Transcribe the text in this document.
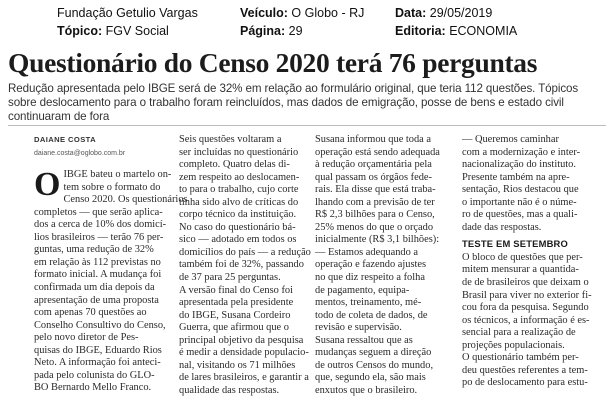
Fundação Getulio Vargas	Veículo: O Globo - RJ Data: 29/05/2019
Tópico: FGV Social	Página: 29	Editoria: ECONOMIA
Questionário do Censo 2020 terá 76 perguntas

Redução apresentada pelo IBGE será de 32% em relação ao formulário original, que teria 112 questões. Tópicos sobre deslocamento para o trabalho foram reincluídos, mas dados de emigração, posse de bens e estado civil continuaram de fora

DAIANE COSTA
daiane.costa@oglobo.com.br
O IBGE bateu o martelo on-
tem sobre o formato do
Censo 2020. Os questionários
completos — que serão aplica-
dos a cerca de 10% dos domicí-
lios brasileiros — terão 76 per-
guntas, uma redução de 32%
em relação às 112 previstas no
formato inicial. A mudança foi
confirmada um dia depois da
apresentação de uma proposta
com apenas 70 questões ao
Conselho Consultivo do Censo,
pelo novo diretor de Pes-
quisas do IBGE, Eduardo Rios
Neto. A informação foi anteci-
pada pelo colunista do GLO-
BO Bernardo Mello Franco.
Seis questões voltaram a
ser incluídas no questionário
completo. Quatro delas di-
zem respeito ao deslocamen-
to para o trabalho, cujo corte
tinha sido alvo de críticas do
corpo técnico da instituição.
No caso do questionário bá-
sico — adotado em todos os
domicílios do país — a redução
também foi de 32%, passando
de 37 para 25 perguntas.
A versão final do Censo foi
apresentada pela presidente
do IBGE, Susana Cordeiro
Guerra, que afirmou que o
principal objetivo da pesquisa
é medir a densidade populacio-
nal, visitando os 71 milhões
de lares brasileiros, e garantir a
qualidade das respostas.
Susana informou que toda a
operação está sendo adequada
à redução orçamentária pela
qual passam os órgãos fede-
rais. Ela disse que está traba-
lhando com a previsão de ter
R$ 2,3 bilhões para o Censo,
25% menos do que o orçado
inicialmente (R$ 3,1 bilhões):
— Estamos adequando a
operação e fazendo ajustes
no que diz respeito a folha
de pagamento, equipa-
mentos, treinamento, mé-
todo de coleta de dados, de
revisão e supervisão.
Susana ressaltou que as
mudanças seguem a direção
de outros Censos do mundo,
que, segundo ela, são mais
enxutos que o brasileiro.
— Queremos caminhar
com a modernização e inter-
nacionalização do instituto.
Presente também na apre-
sentação, Rios destacou que
o importante não é o núme-
ro de questões, mas a quali-
dade das respostas.
TESTE EM SETEMBRO
O bloco de questões que per-
mitem mensurar a quantida-
de de brasileiros que deixam o
Brasil para viver no exterior fi-
cou fora da pesquisa. Segundo
os técnicos, a informação é es-
sencial para a realização de
projeções populacionais.
O questionário também per-
deu questões referentes a tem-
po de deslocamento para estu-
